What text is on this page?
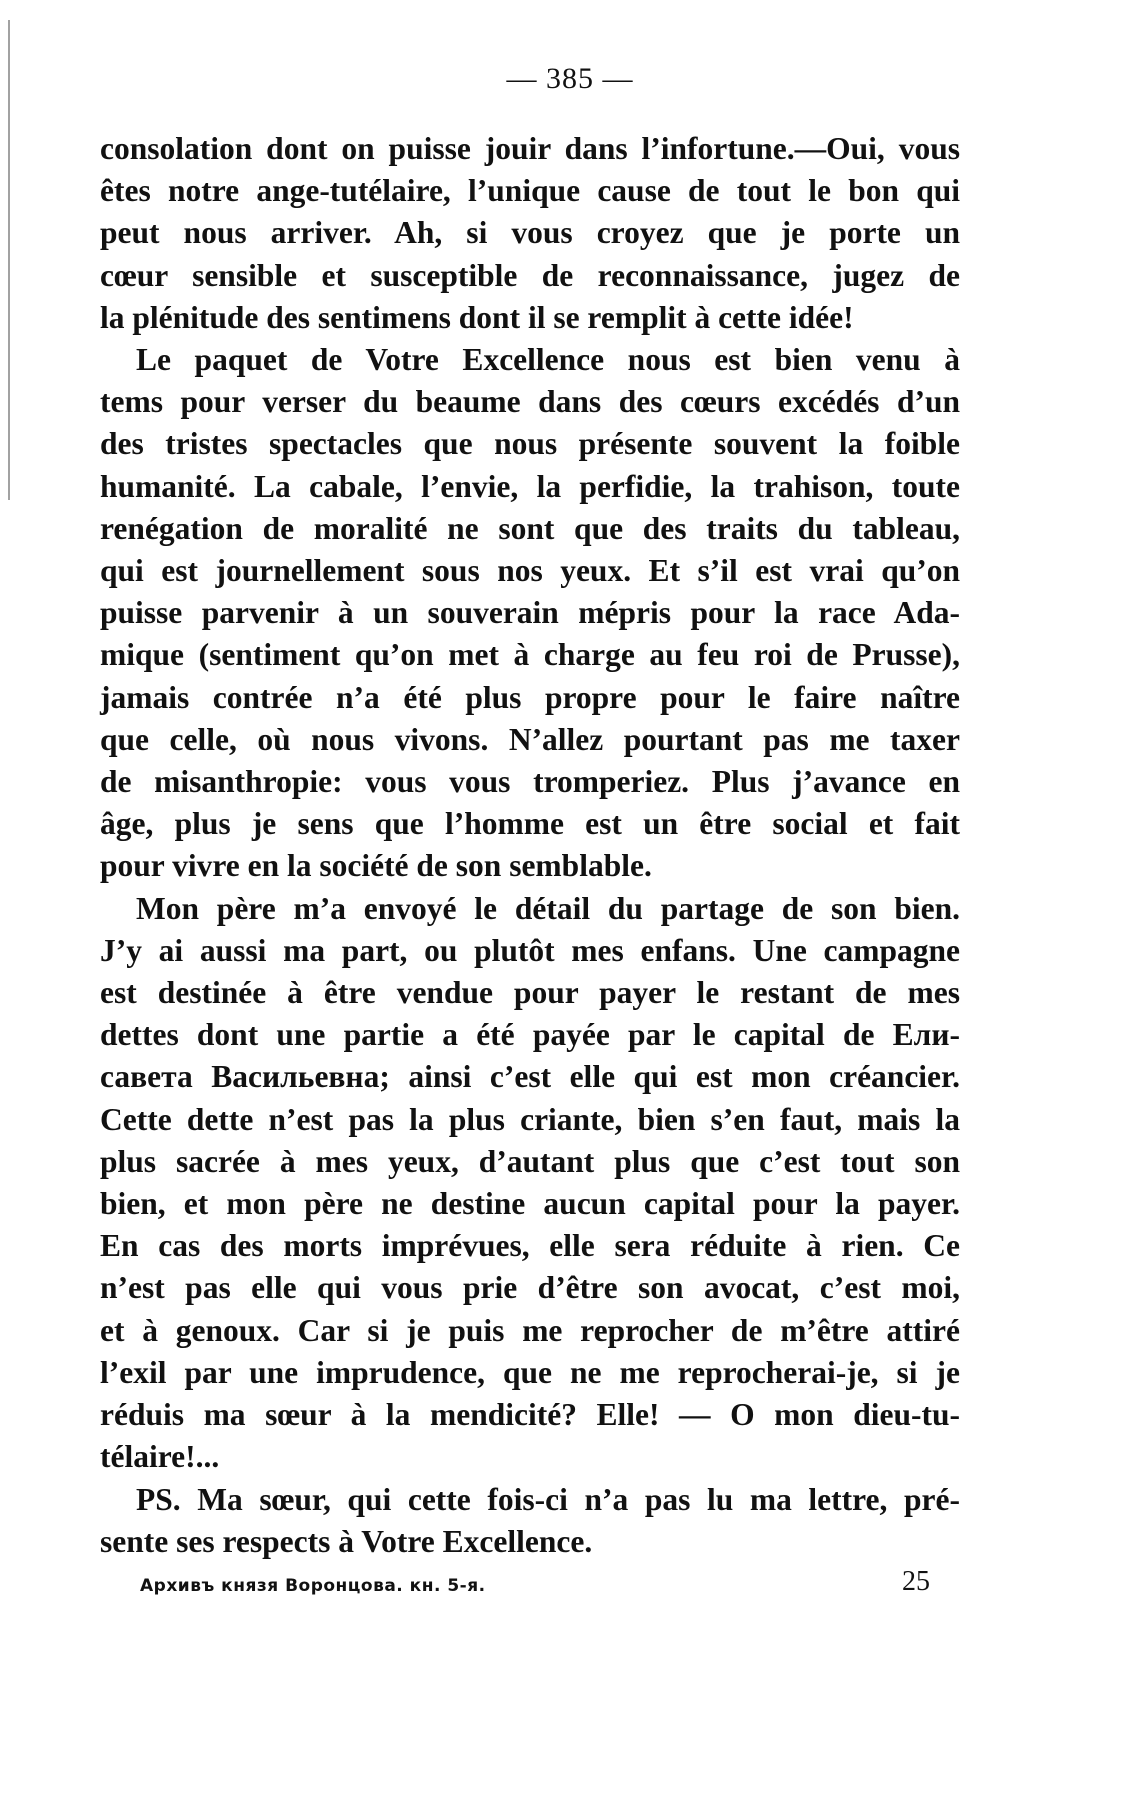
— 385 —
consolation dont on puisse jouir dans l’infortune.—Oui, vous
êtes notre ange-tutélaire, l’unique cause de tout le bon qui
peut nous arriver. Ah, si vous croyez que je porte un
cœur sensible et susceptible de reconnaissance, jugez de
la plénitude des sentimens dont il se remplit à cette idée!
Le paquet de Votre Excellence nous est bien venu à
tems pour verser du beaume dans des cœurs excédés d’un
des tristes spectacles que nous présente souvent la foible
humanité. La cabale, l’envie, la perfidie, la trahison, toute
renégation de moralité ne sont que des traits du tableau,
qui est journellement sous nos yeux. Et s’il est vrai qu’on
puisse parvenir à un souverain mépris pour la race Ada-
mique (sentiment qu’on met à charge au feu roi de Prusse),
jamais contrée n’a été plus propre pour le faire naître
que celle, où nous vivons. N’allez pourtant pas me taxer
de misanthropie: vous vous tromperiez. Plus j’avance en
âge, plus je sens que l’homme est un être social et fait
pour vivre en la société de son semblable.
Mon père m’a envoyé le détail du partage de son bien.
J’y ai aussi ma part, ou plutôt mes enfans. Une campagne
est destinée à être vendue pour payer le restant de mes
dettes dont une partie a été payée par le capital de Ели-
савета Васильевна; ainsi c’est elle qui est mon créancier.
Cette dette n’est pas la plus criante, bien s’en faut, mais la
plus sacrée à mes yeux, d’autant plus que c’est tout son
bien, et mon père ne destine aucun capital pour la payer.
En cas des morts imprévues, elle sera réduite à rien. Ce
n’est pas elle qui vous prie d’être son avocat, c’est moi,
et à genoux. Car si je puis me reprocher de m’être attiré
l’exil par une imprudence, que ne me reprocherai-je, si je
réduis ma sœur à la mendicité? Elle! — O mon dieu-tu-
télaire!...
PS. Ma sœur, qui cette fois-ci n’a pas lu ma lettre, pré-
sente ses respects à Votre Excellence.
Архивъ князя Воронцова. кн. 5-я.	25
